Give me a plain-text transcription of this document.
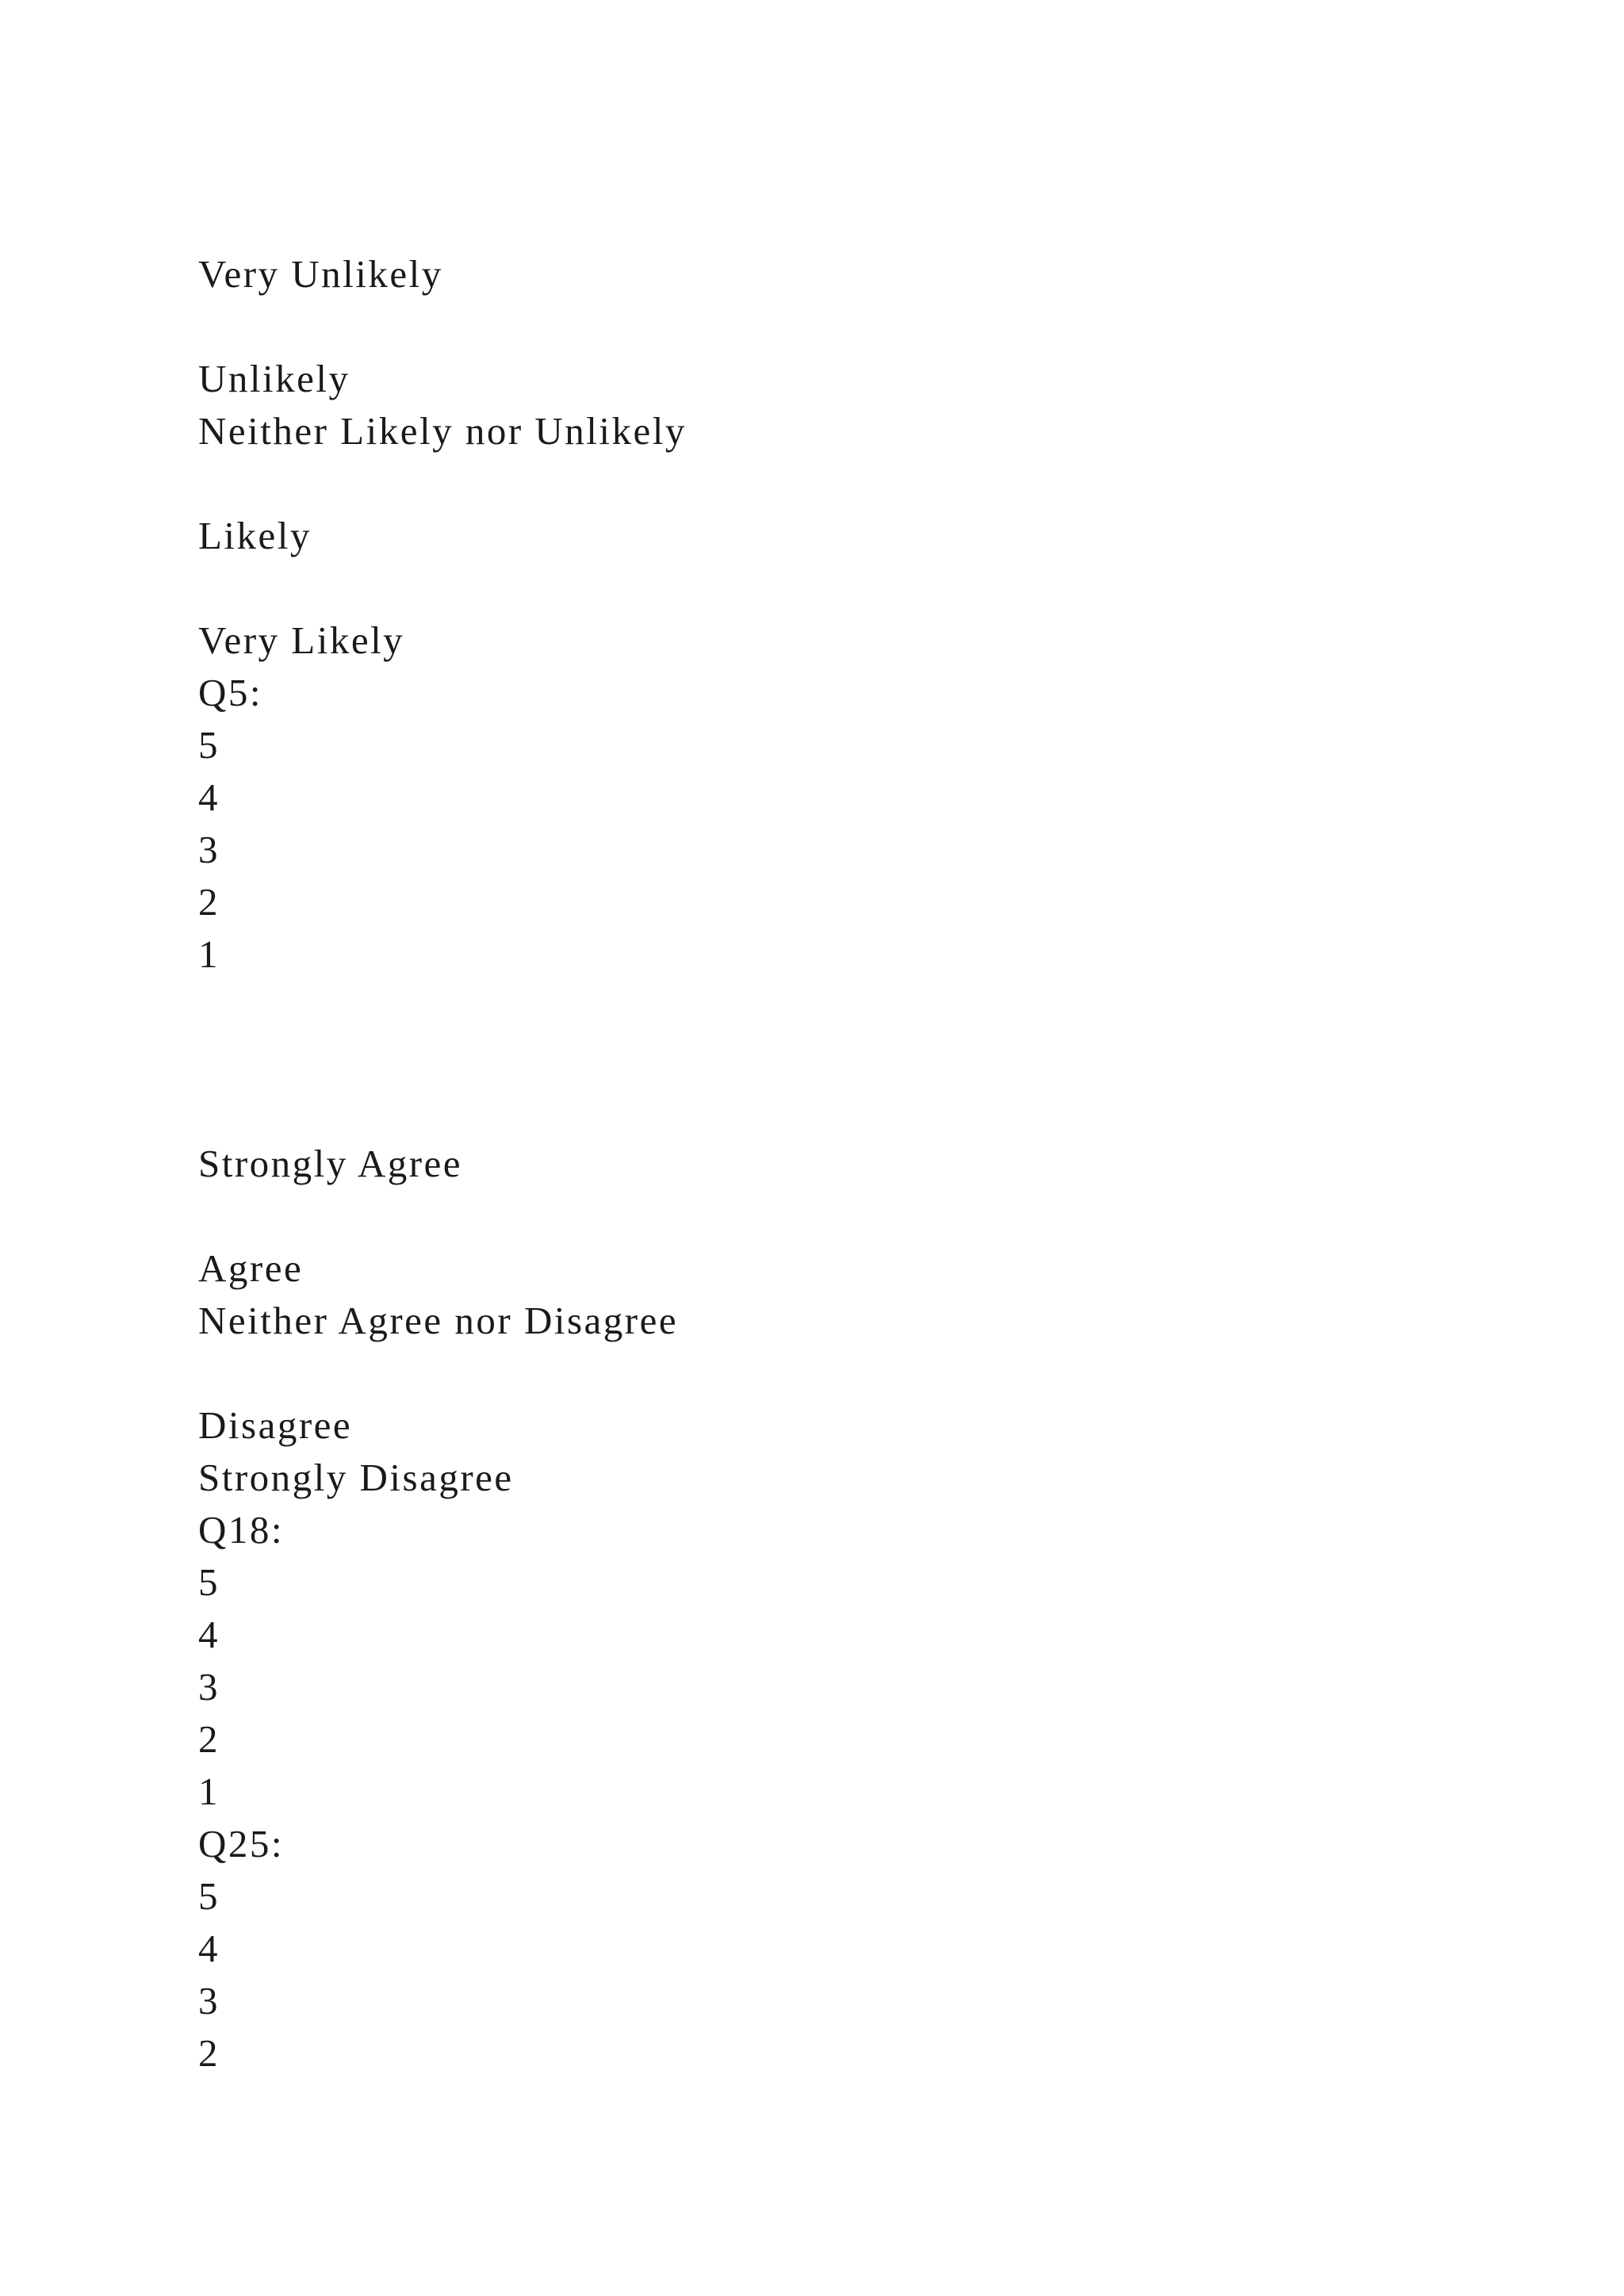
Very Unlikely
Unlikely
Neither Likely nor Unlikely
Likely
Very Likely
Q5:
5
4
3
2
1
Strongly Agree
Agree
Neither Agree nor Disagree
Disagree
Strongly Disagree
Q18:
5
4
3
2
1
Q25:
5
4
3
2
